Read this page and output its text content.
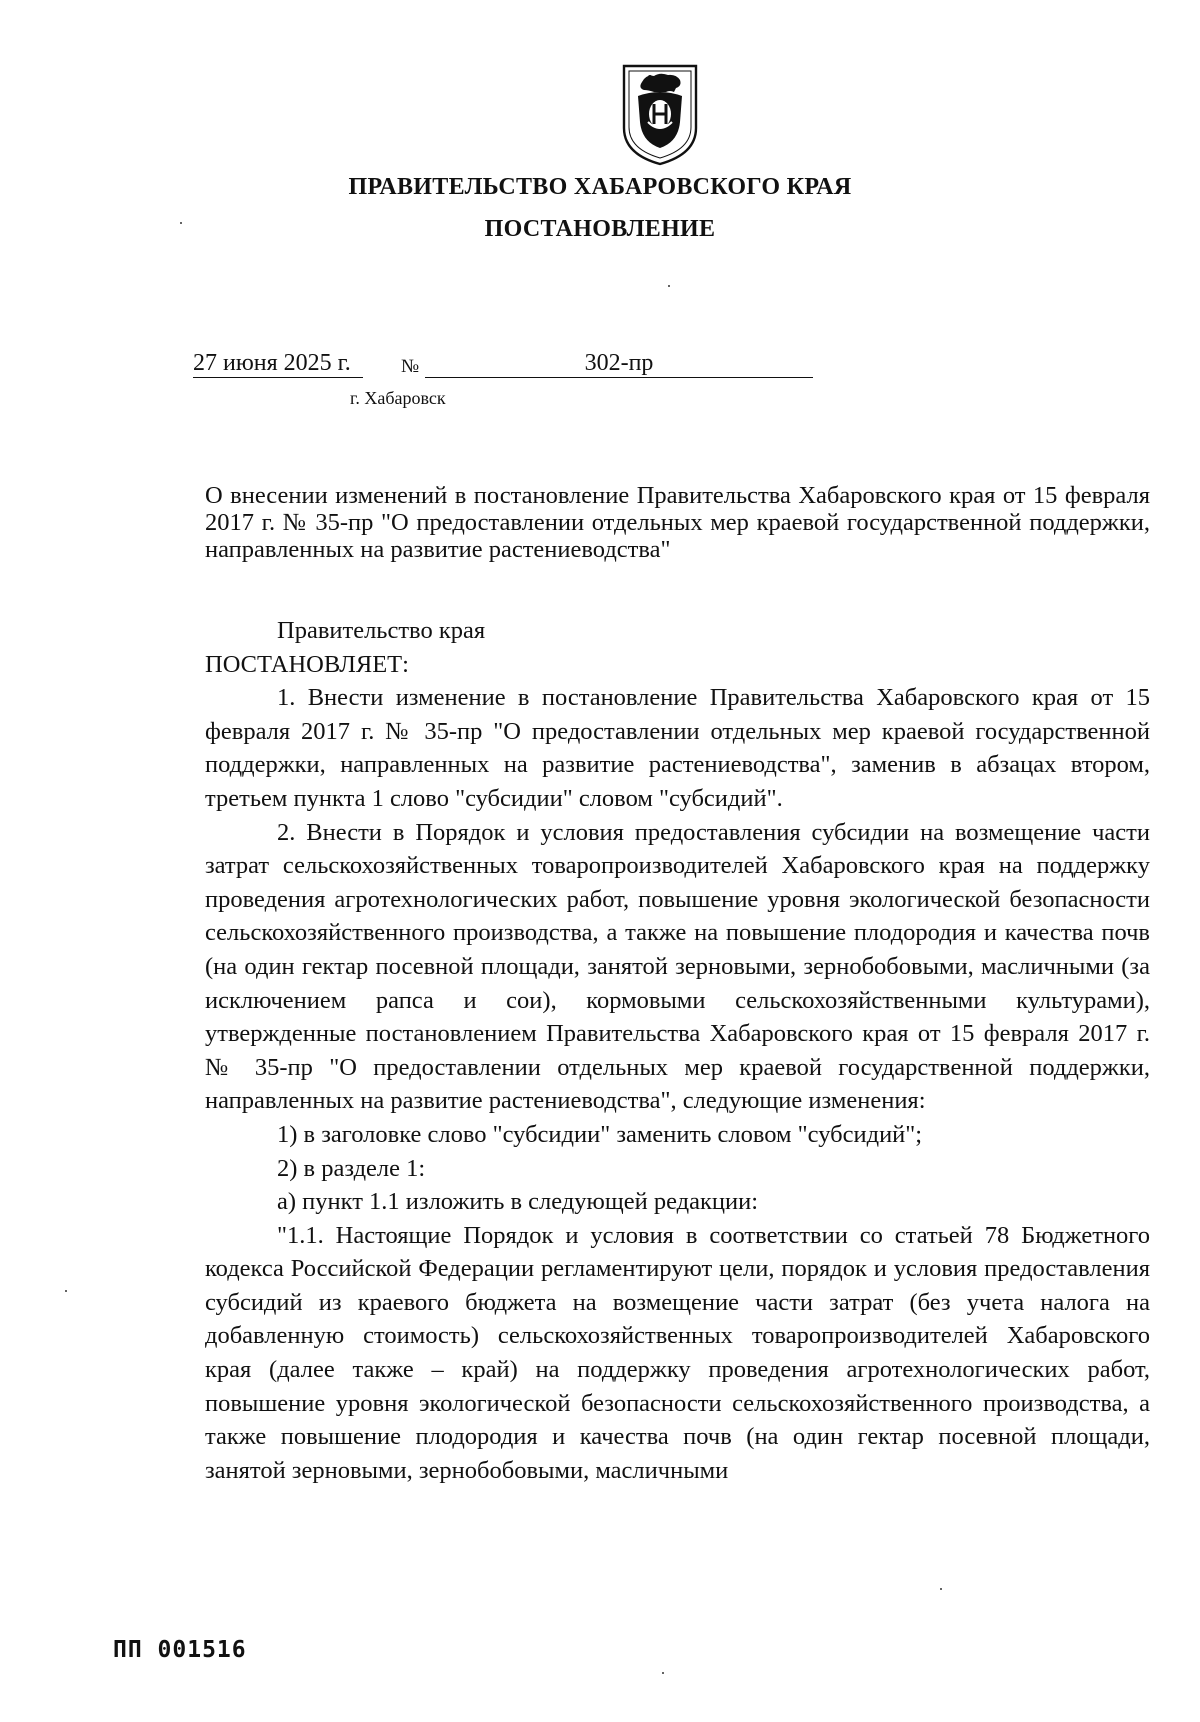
ПРАВИТЕЛЬСТВО ХАБАРОВСКОГО КРАЯ
ПОСТАНОВЛЕНИЕ
27 июня 2025 г.	№	302-пр
г. Хабаровск
О внесении изменений в постановление Правительства Хабаровского края от 15 февраля 2017 г. № 35-пр "О предоставлении отдельных мер краевой государственной поддержки, направленных на развитие растениеводства"

Правительство края

ПОСТАНОВЛЯЕТ:

1. Внести изменение в постановление Правительства Хабаровского края от 15 февраля 2017 г. № 35-пр "О предоставлении отдельных мер краевой государственной поддержки, направленных на развитие растениеводства", заменив в абзацах втором, третьем пункта 1 слово "субсидии" словом "субсидий".

2. Внести в Порядок и условия предоставления субсидии на возмещение части затрат сельскохозяйственных товаропроизводителей Хабаровского края на поддержку проведения агротехнологических работ, повышение уровня экологической безопасности сельскохозяйственного производства, а также на повышение плодородия и качества почв (на один гектар посевной площади, занятой зерновыми, зернобобовыми, масличными (за исключением рапса и сои), кормовыми сельскохозяйственными культурами), утвержденные постановлением Правительства Хабаровского края от 15 февраля 2017 г. № 35-пр "О предоставлении отдельных мер краевой государственной поддержки, направленных на развитие растениеводства", следующие изменения:

1) в заголовке слово "субсидии" заменить словом "субсидий";

2) в разделе 1:

а) пункт 1.1 изложить в следующей редакции:

"1.1. Настоящие Порядок и условия в соответствии со статьей 78 Бюджетного кодекса Российской Федерации регламентируют цели, порядок и условия предоставления субсидий из краевого бюджета на возмещение части затрат (без учета налога на добавленную стоимость) сельскохозяйственных товаропроизводителей Хабаровского края (далее также – край) на поддержку проведения агротехнологических работ, повышение уровня экологической безопасности сельскохозяйственного производства, а также повышение плодородия и качества почв (на один гектар посевной площади, занятой зерновыми, зернобобовыми, масличными

ПП 001516
